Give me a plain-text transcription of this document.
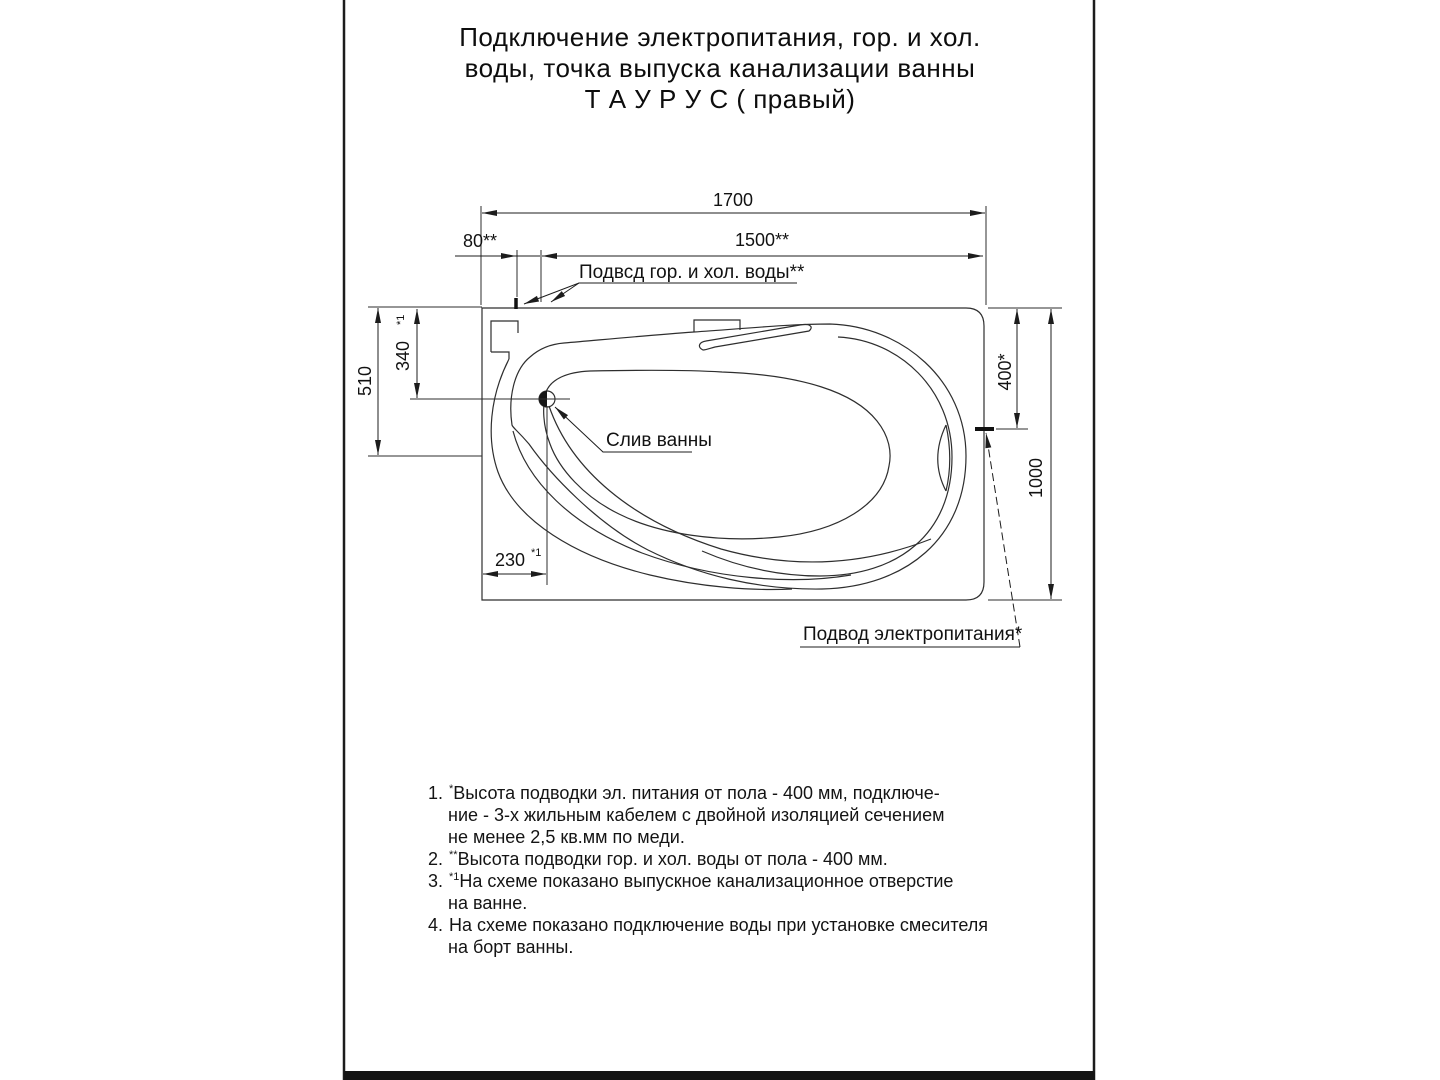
Подключение электропитания, гор. и хол.
воды, точка выпуска канализации ванны
Т А У Р У С ( правый)
1700
80**	1500**
510
340
*1
230 *1
400*
1000
Подвсд гор. и хол. воды**
Слив ванны
Подвод электропитания*
1. *Высота подводки эл. питания от пола - 400 мм, подключе-
ние - 3-х жильным кабелем с двойной изоляцией сечением
не менее 2,5 кв.мм по меди.
2. **Высота подводки гор. и хол. воды от пола - 400 мм.
3. $^{*1}$На схеме показано выпускное канализационное отверстие
на ванне.
4. На схеме показано подключение воды при установке смесителя
на борт ванны.
